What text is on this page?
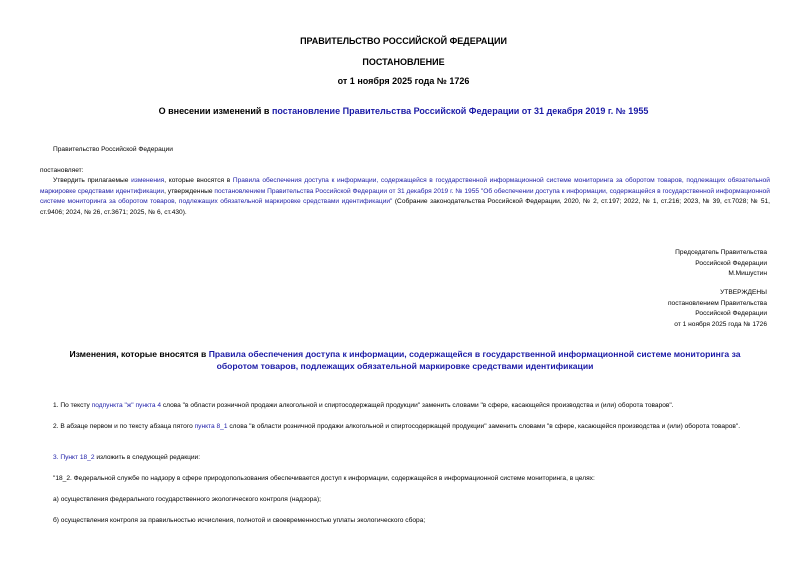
ПРАВИТЕЛЬСТВО РОССИЙСКОЙ ФЕДЕРАЦИИ
ПОСТАНОВЛЕНИЕ
от 1 ноября 2025 года № 1726
О внесении изменений в постановление Правительства Российской Федерации от 31 декабря 2019 г. № 1955
Правительство Российской Федерации
постановляет:
Утвердить прилагаемые изменения, которые вносятся в Правила обеспечения доступа к информации, содержащейся в государственной информационной системе мониторинга за оборотом товаров, подлежащих обязательной маркировке средствами идентификации, утвержденные постановлением Правительства Российской Федерации от 31 декабря 2019 г. № 1955 "Об обеспечении доступа к информации, содержащейся в государственной информационной системе мониторинга за оборотом товаров, подлежащих обязательной маркировке средствами идентификации" (Собрание законодательства Российской Федерации, 2020, № 2, ст.197; 2022, № 1, ст.216; 2023, № 39, ст.7028; № 51, ст.9406; 2024, № 26, ст.3671; 2025, № 6, ст.430).
Председатель Правительства
Российской Федерации
М.Мишустин
УТВЕРЖДЕНЫ
постановлением Правительства
Российской Федерации
от 1 ноября 2025 года № 1726
Изменения, которые вносятся в Правила обеспечения доступа к информации, содержащейся в государственной информационной системе мониторинга за оборотом товаров, подлежащих обязательной маркировке средствами идентификации
1. По тексту подпункта "ж" пункта 4 слова "в области розничной продажи алкогольной и спиртосодержащей продукции" заменить словами "в сфере, касающейся производства и (или) оборота товаров".
2. В абзаце первом и по тексту абзаца пятого пункта 8_1 слова "в области розничной продажи алкогольной и спиртосодержащей продукции" заменить словами "в сфере, касающейся производства и (или) оборота товаров".
3. Пункт 18_2 изложить в следующей редакции:
"18_2. Федеральной службе по надзору в сфере природопользования обеспечивается доступ к информации, содержащейся в информационной системе мониторинга, в целях:
а) осуществления федерального государственного экологического контроля (надзора);
б) осуществления контроля за правильностью исчисления, полнотой и своевременностью уплаты экологического сбора;
